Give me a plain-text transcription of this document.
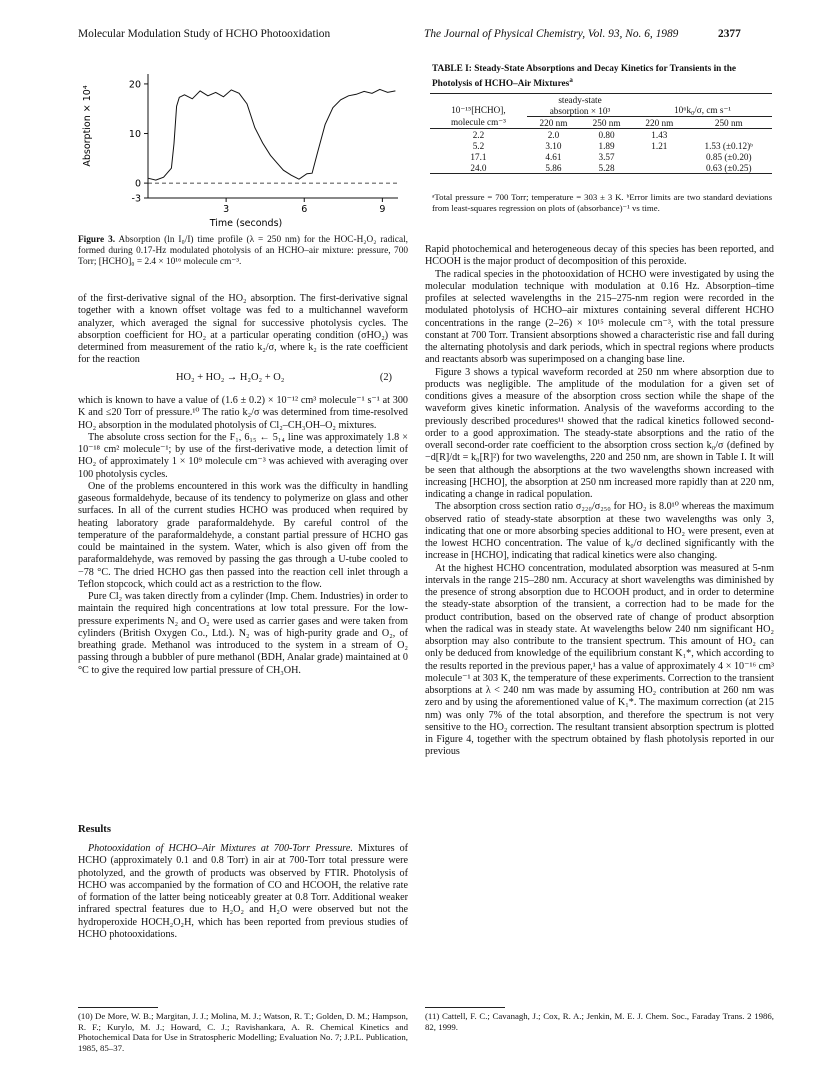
Molecular Modulation Study of HCHO Photooxidation	The Journal of Physical Chemistry, Vol. 93, No. 6, 1989	2377
-3
0
10
20
3	6	9
Absorption × 10⁴
Time (seconds)
Figure 3. Absorption (ln I₀/I) time profile (λ = 250 nm) for the HOC-H₂O₂ radical, formed during 0.17-Hz modulated photolysis of an HCHO–air mixture: pressure, 700 Torr; [HCHO]₀ = 2.4 × 10¹⁶ molecule cm⁻³.

of the first-derivative signal of the HO₂ absorption. The first-derivative signal together with a known offset voltage was fed to a multichannel waveform analyzer, which averaged the signal for successive photolysis cycles. The absorption coefficient for HO₂ at a particular operating condition (σHO₂) was determined from measurement of the ratio k₂/σ, where k₂ is the rate coefficient for the reaction

HO₂ + HO₂ → H₂O₂ + O₂	(2)

which is known to have a value of (1.6 ± 0.2) × 10⁻¹² cm³ molecule⁻¹ s⁻¹ at 300 K and ≤20 Torr of pressure.¹⁰ The ratio k₂/σ was determined from time-resolved HO₂ absorption in the modulated photolysis of Cl₂–CH₃OH–O₂ mixtures.

The absolute cross section for the F₁, 6₁₅ ← 5₁₄ line was approximately 1.8 × 10⁻¹⁸ cm² molecule⁻¹; by use of the first-derivative mode, a detection limit of HO₂ of approximately 1 × 10⁹ molecule cm⁻³ was achieved with averaging over 100 photolysis cycles.

One of the problems encountered in this work was the difficulty in handling gaseous formaldehyde, because of its tendency to polymerize on glass and other surfaces. In all of the current studies HCHO was produced when required by heating laboratory grade paraformaldehyde. By careful control of the temperature of the paraformaldehyde, a constant partial pressure of HCHO gas could be maintained in the system. Water, which is also given off from the paraformaldehyde, was removed by passing the gas through a U-tube cooled to −78 °C. The dried HCHO gas then passed into the reaction cell inlet through a Teflon stopcock, which could act as a restriction to the flow.

Pure Cl₂ was taken directly from a cylinder (Imp. Chem. Industries) in order to maintain the required high concentrations at low total pressure. For the low-pressure experiments N₂ and O₂ were used as carrier gases and were taken from cylinders (British Oxygen Co., Ltd.). N₂ was of high-purity grade and O₂, of breathing grade. Methanol was introduced to the system in a stream of O₂ passing through a bubbler of pure methanol (BDH, Analar grade) maintained at 0 °C to give the required low partial pressure of CH₃OH.

Results

Photooxidation of HCHO–Air Mixtures at 700-Torr Pressure. Mixtures of HCHO (approximately 0.1 and 0.8 Torr) in air at 700-Torr total pressure were photolyzed, and the growth of products was observed by FTIR. Photolysis of HCHO was accompanied by the formation of CO and HCOOH, the relative rate of formation of the latter being noticeably greater at 0.8 Torr. Additional weaker infrared spectral features due to H₂O₂ and H₂O were observed but not the hydroperoxide HOCH₂O₂H, which has been reported from previous studies of HCHO photooxidations.

(10) De More, W. B.; Margitan, J. J.; Molina, M. J.; Watson, R. T.; Golden, D. M.; Hampson, R. F.; Kurylo, M. J.; Howard, C. J.; Ravishankara, A. R. Chemical Kinetics and Photochemical Data for Use in Stratospheric Modelling; Evaluation No. 7; J.P.L. Publication, 1985, 85–37.
TABLE I: Steady-State Absorptions and Decay Kinetics for Transients in the Photolysis of HCHO–Air Mixtures$^a$
	steady-state			
10⁻¹⁵[HCHO],	absorption × 10³		10⁶k₀/σ, cm s⁻¹	
molecule cm⁻³	220 nm	250 nm	220 nm	250 nm
2.2	2.0	0.80	1.43	
5.2	3.10	1.89	1.21	1.53 (±0.12)ᵇ
17.1	4.61	3.57		0.85 (±0.20)
24.0	5.86	5.28		0.63 (±0.25)
ᵃTotal pressure = 700 Torr; temperature = 303 ± 3 K. ᵇError limits are two standard deviations from least-squares regression on plots of (absorbance)⁻¹ vs time.

Rapid photochemical and heterogeneous decay of this species has been reported, and HCOOH is the major product of decomposition of this peroxide.

The radical species in the photooxidation of HCHO were investigated by using the molecular modulation technique with modulation at 0.16 Hz. Absorption–time profiles at selected wavelengths in the 215–275-nm region were recorded in the modulated photolysis of HCHO–air mixtures containing several different HCHO concentrations in the range (2–26) × 10¹⁵ molecule cm⁻³, with the total pressure constant at 700 Torr. Transient absorptions showed a characteristic rise and fall during the alternating photolysis and dark periods, which in spectral regions where products and reactants absorb was superimposed on a changing base line.

Figure 3 shows a typical waveform recorded at 250 nm where absorption due to products was negligible. The amplitude of the modulation for a given set of conditions gives a measure of the absorption cross section while the shape of the waveform gives kinetic information. Analysis of the waveforms according to the previously described procedures¹¹ showed that the radical kinetics followed second-order to a good approximation. The steady-state absorptions and the ratio of the overall second-order rate coefficient to the absorption cross section k₀/σ (defined by −d[R]/dt = k₀[R]²) for two wavelengths, 220 and 250 nm, are shown in Table I. It will be seen that although the absorptions at the two wavelengths shown increased with increasing [HCHO], the absorption at 250 nm increased more rapidly than at 220 nm, indicating a change in radical population.

The absorption cross section ratio σ₂₂₀/σ₂₅₀ for HO₂ is 8.0¹⁰ whereas the maximum observed ratio of steady-state absorption at these two wavelengths was only 3, indicating that one or more absorbing species additional to HO₂ were present, even at the lowest HCHO concentration. The value of k₀/σ declined significantly with the increase in [HCHO], indicating that radical kinetics were also changing.

At the highest HCHO concentration, modulated absorption was measured at 5-nm intervals in the range 215–280 nm. Accuracy at short wavelengths was diminished by the presence of strong absorption due to HCOOH product, and in order to determine the steady-state absorption of the transient, a correction had to be made for the product contribution, based on the observed rate of change of product absorption when the radical was in steady state. At wavelengths below 240 nm significant HO₂ absorption may also contribute to the transient spectrum. This amount of HO₂ can only be deduced from knowledge of the equilibrium constant K₁*, which according to the results reported in the previous paper,¹ has a value of approximately 4 × 10⁻¹⁶ cm³ molecule⁻¹ at 303 K, the temperature of these experiments. Correction to the transient absorptions at λ < 240 nm was made by assuming HO₂ contribution at 260 nm was zero and by using the aforementioned value of K₁*. The maximum correction (at 215 nm) was only 7% of the total absorption, and therefore the spectrum is not very sensitive to the HO₂ correction. The resultant transient absorption spectrum is plotted in Figure 4, together with the spectrum obtained by flash photolysis reported in our previous

(11) Cattell, F. C.; Cavanagh, J.; Cox, R. A.; Jenkin, M. E. J. Chem. Soc., Faraday Trans. 2 1986, 82, 1999.
